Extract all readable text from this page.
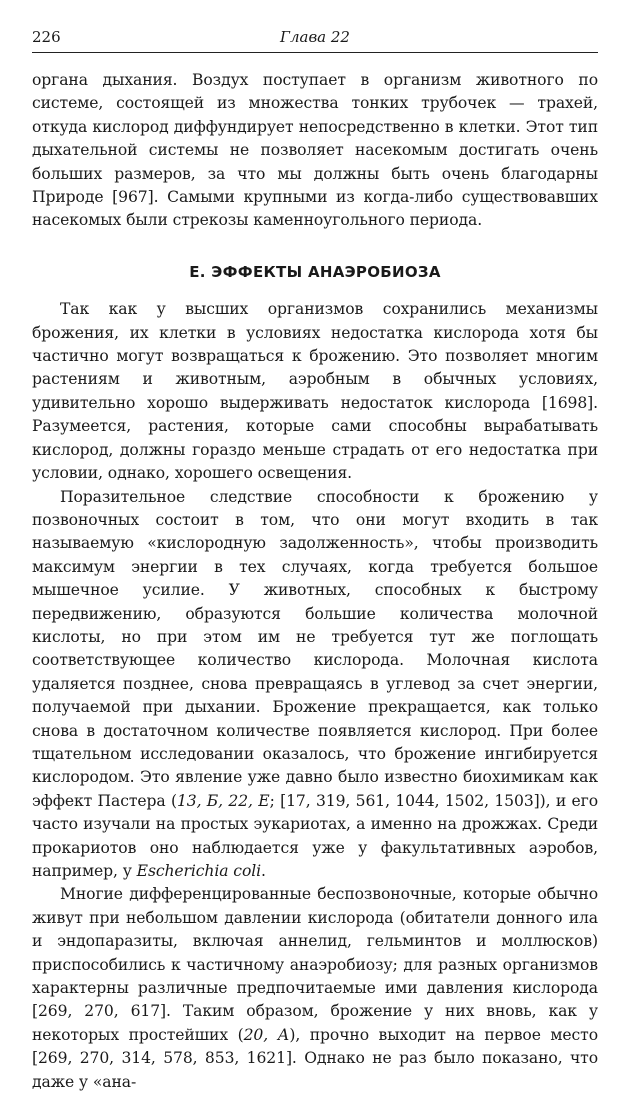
226	Глава 22

органа дыхания. Воздух поступает в организм животного по системе, состоящей из множества тонких трубочек — трахей, откуда кислород диффундирует непосредственно в клетки. Этот тип дыхательной системы не позволяет насекомым достигать очень больших размеров, за что мы должны быть очень благодарны Природе [967]. Самыми крупными из когда-либо существовавших насекомых были стрекозы каменноугольного периода.

Е. ЭФФЕКТЫ АНАЭРОБИОЗА

Так как у высших организмов сохранились механизмы брожения, их клетки в условиях недостатка кислорода хотя бы частично могут возвращаться к брожению. Это позволяет многим растениям и животным, аэробным в обычных условиях, удивительно хорошо выдерживать недостаток кислорода [1698]. Разумеется, растения, которые сами способны вырабатывать кислород, должны гораздо меньше страдать от его недостатка при условии, однако, хорошего освещения.

Поразительное следствие способности к брожению у позвоночных состоит в том, что они могут входить в так называемую «кислородную задолженность», чтобы производить максимум энергии в тех случаях, когда требуется большое мышечное усилие. У животных, способных к быстрому передвижению, образуются большие количества молочной кислоты, но при этом им не требуется тут же поглощать соответствующее количество кислорода. Молочная кислота удаляется позднее, снова превращаясь в углевод за счет энергии, получаемой при дыхании. Брожение прекращается, как только снова в достаточном количестве появляется кислород. При более тщательном исследовании оказалось, что брожение ингибируется кислородом. Это явление уже давно было известно биохимикам как эффект Пастера (13, Б, 22, Е; [17, 319, 561, 1044, 1502, 1503]), и его часто изучали на простых эукариотах, а именно на дрожжах. Среди прокариотов оно наблюдается уже у факультативных аэробов, например, у Escherichia coli.

Многие дифференцированные беспозвоночные, которые обычно живут при небольшом давлении кислорода (обитатели донного ила и эндопаразиты, включая аннелид, гельминтов и моллюсков) приспособились к частичному анаэробиозу; для разных организмов характерны различные предпочитаемые ими давления кислорода [269, 270, 617]. Таким образом, брожение у них вновь, как у некоторых простейших (20, А), прочно выходит на первое место [269, 270, 314, 578, 853, 1621]. Однако не раз было показано, что даже у «ана-
